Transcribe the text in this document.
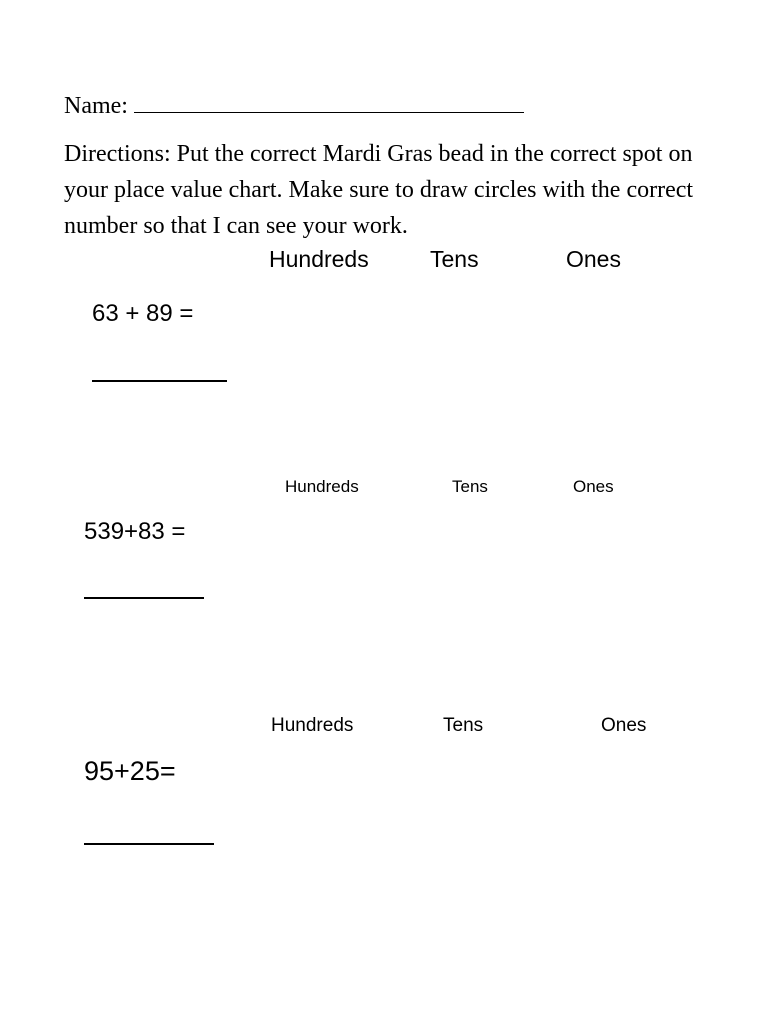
Name:
Directions: Put the correct Mardi Gras bead in the correct spot on your place value chart. Make sure to draw circles with the correct number so that I can see your work.
Hundreds	Tens	Ones
63 + 89 =
Hundreds	Tens	Ones
539+83 =
Hundreds	Tens	Ones
95+25=
